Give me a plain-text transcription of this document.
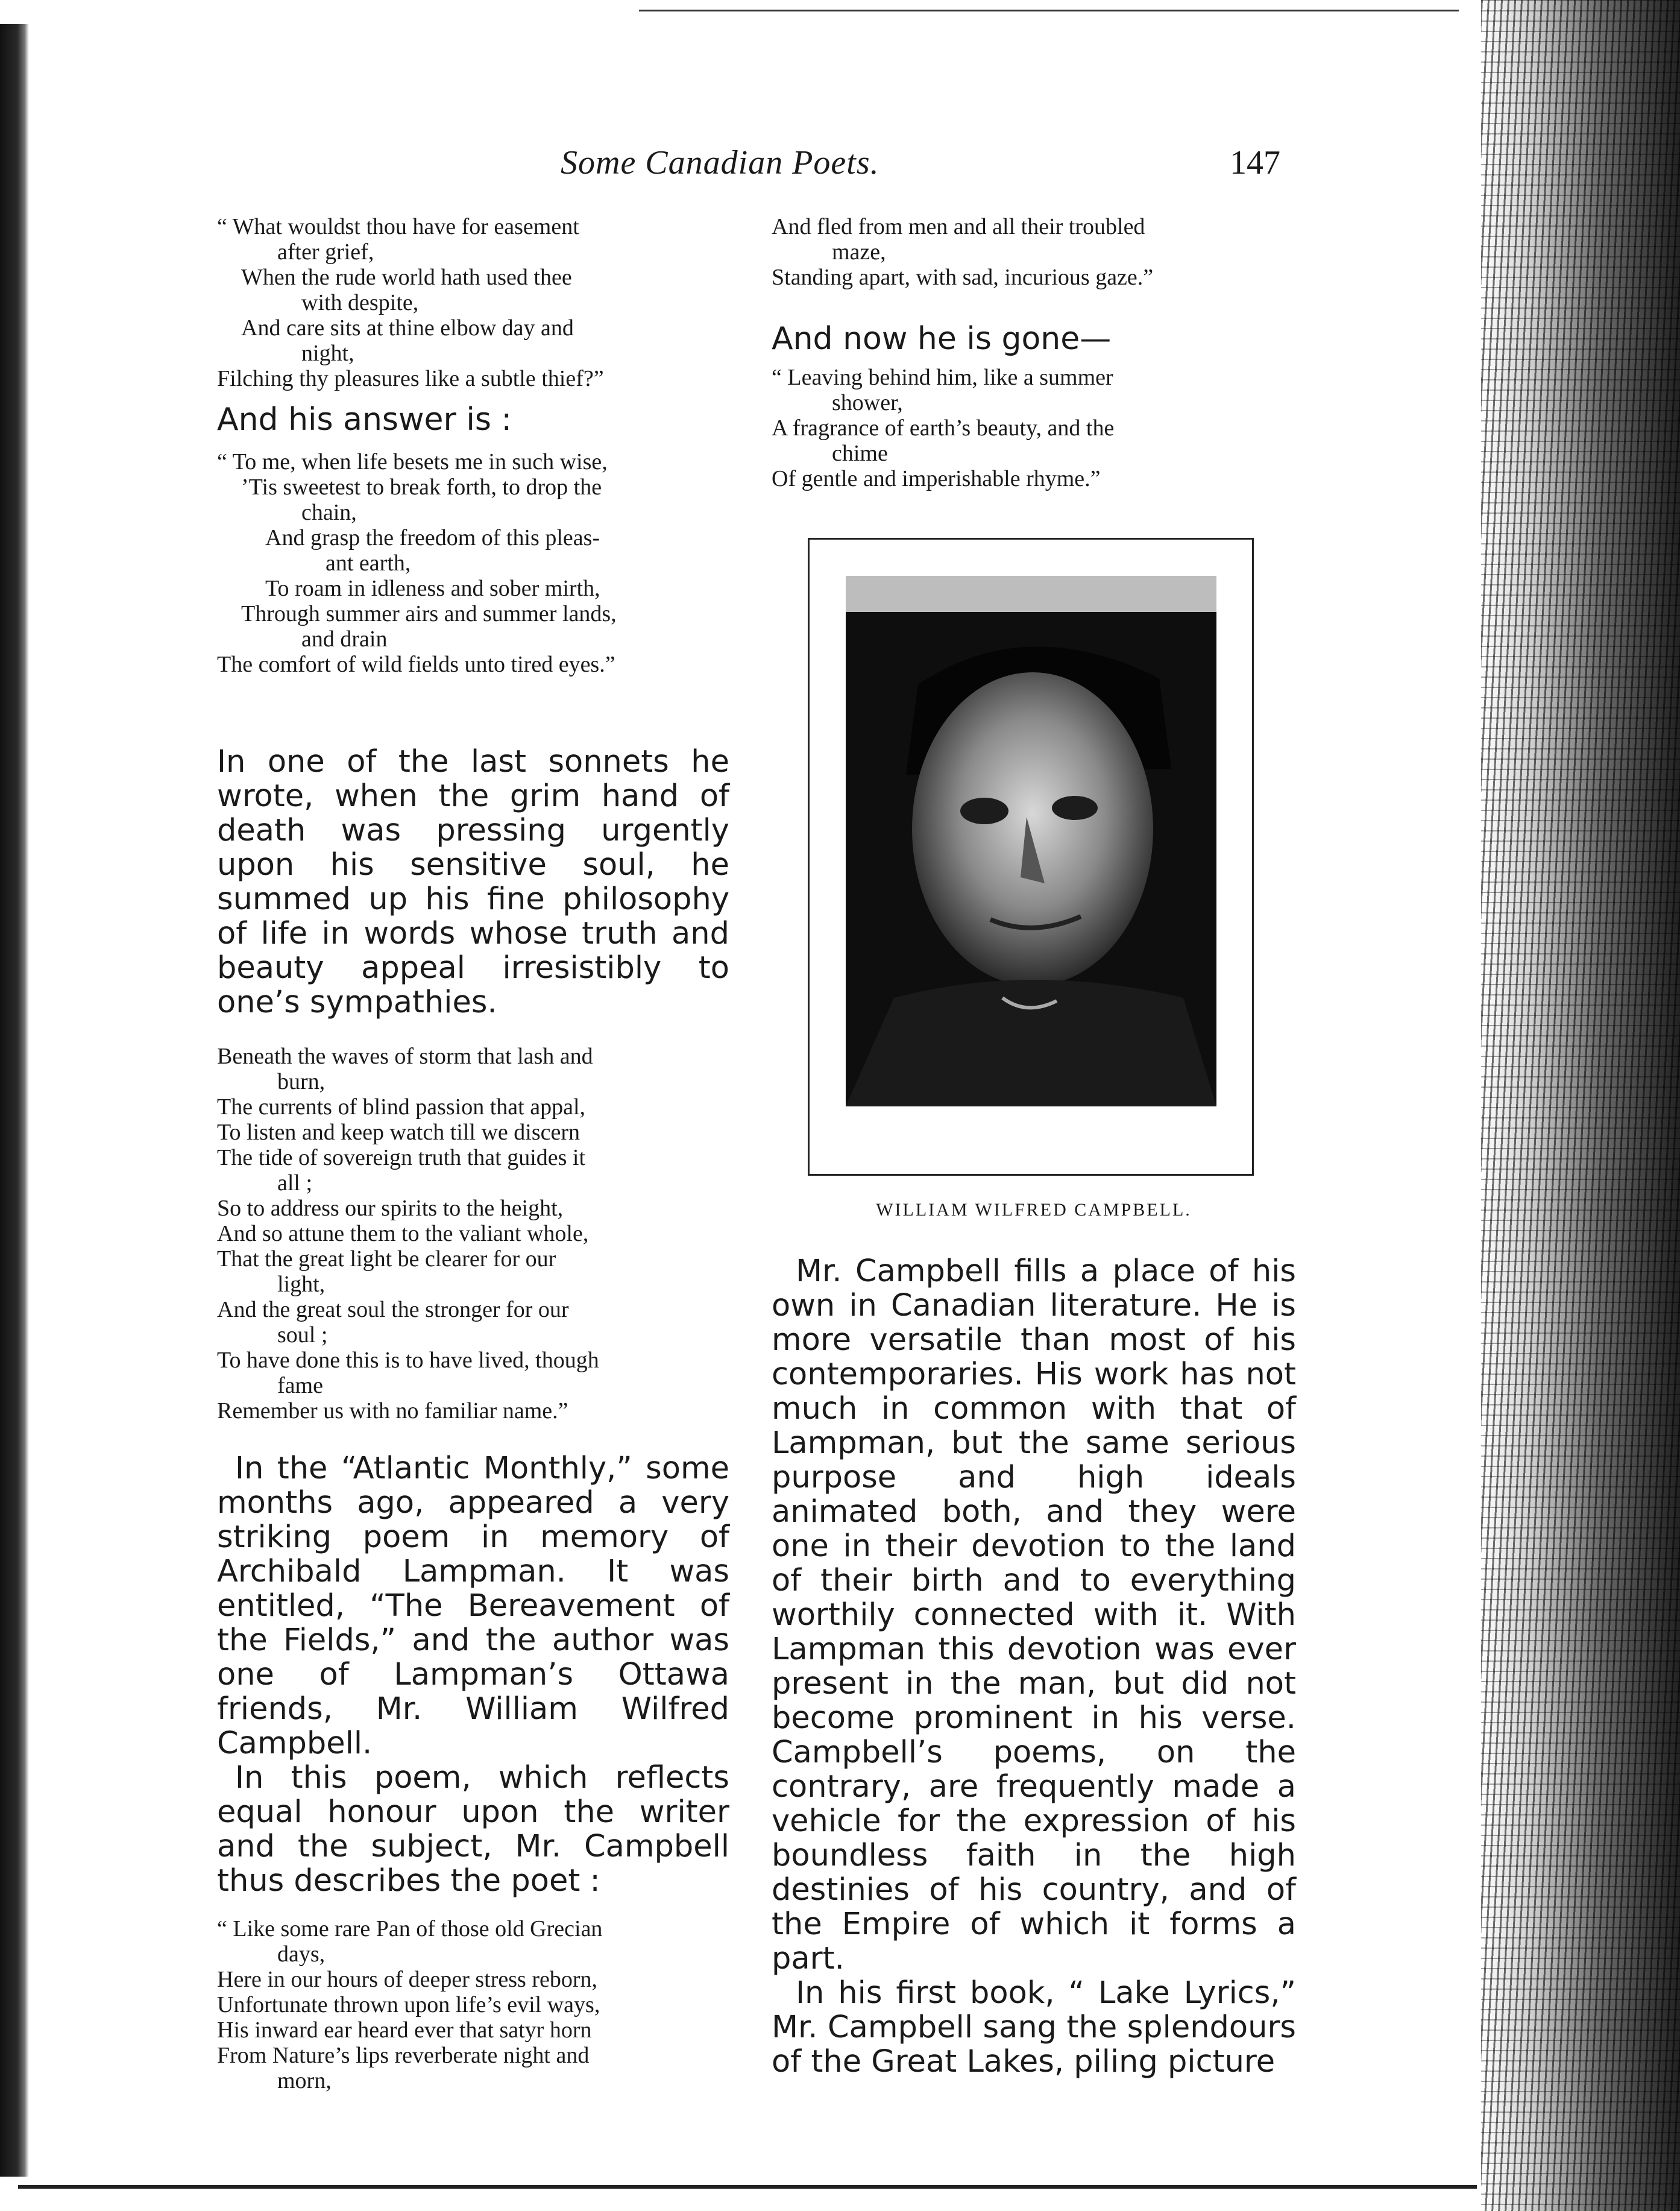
Some Canadian Poets.	147
“ What wouldst thou have for easement
after grief,
When the rude world hath used thee
with despite,
And care sits at thine elbow day and
night,
Filching thy pleasures like a subtle thief?”

And his answer is :

“ To me, when life besets me in such wise,
’Tis sweetest to break forth, to drop the
chain,
And grasp the freedom of this pleas-
ant earth,
To roam in idleness and sober mirth,
Through summer airs and summer lands,
and drain
The comfort of wild fields unto tired eyes.”

In one of the last sonnets he wrote, when the grim hand of death was pressing urgently upon his sensitive soul, he summed up his fine philosophy of life in words whose truth and beauty appeal irresistibly to one’s sympathies.

Beneath the waves of storm that lash and
burn,
The currents of blind passion that appal,
To listen and keep watch till we discern
The tide of sovereign truth that guides it
all ;
So to address our spirits to the height,
And so attune them to the valiant whole,
That the great light be clearer for our
light,
And the great soul the stronger for our
soul ;
To have done this is to have lived, though
fame
Remember us with no familiar name.”

In the “Atlantic Monthly,” some months ago, appeared a very striking poem in memory of Archibald Lampman. It was entitled, “The Bereavement of the Fields,” and the author was one of Lampman’s Ottawa friends, Mr. William Wilfred Campbell.

In this poem, which reflects equal honour upon the writer and the subject, Mr. Campbell thus describes the poet :

“ Like some rare Pan of those old Grecian
days,
Here in our hours of deeper stress reborn,
Unfortunate thrown upon life’s evil ways,
His inward ear heard ever that satyr horn
From Nature’s lips reverberate night and
morn,
And fled from men and all their troubled
maze,
Standing apart, with sad, incurious gaze.”

And now he is gone—

“ Leaving behind him, like a summer
shower,
A fragrance of earth’s beauty, and the
chime
Of gentle and imperishable rhyme.”
WILLIAM WILFRED CAMPBELL.

Mr. Campbell fills a place of his own in Canadian literature. He is more versatile than most of his contemporaries. His work has not much in common with that of Lampman, but the same serious purpose and high ideals animated both, and they were one in their devotion to the land of their birth and to everything worthily connected with it. With Lampman this devotion was ever present in the man, but did not become prominent in his verse. Campbell’s poems, on the contrary, are frequently made a vehicle for the expression of his boundless faith in the high destinies of his country, and of the Empire of which it forms a part.

In his first book, “ Lake Lyrics,” Mr. Campbell sang the splendours of the Great Lakes, piling picture
